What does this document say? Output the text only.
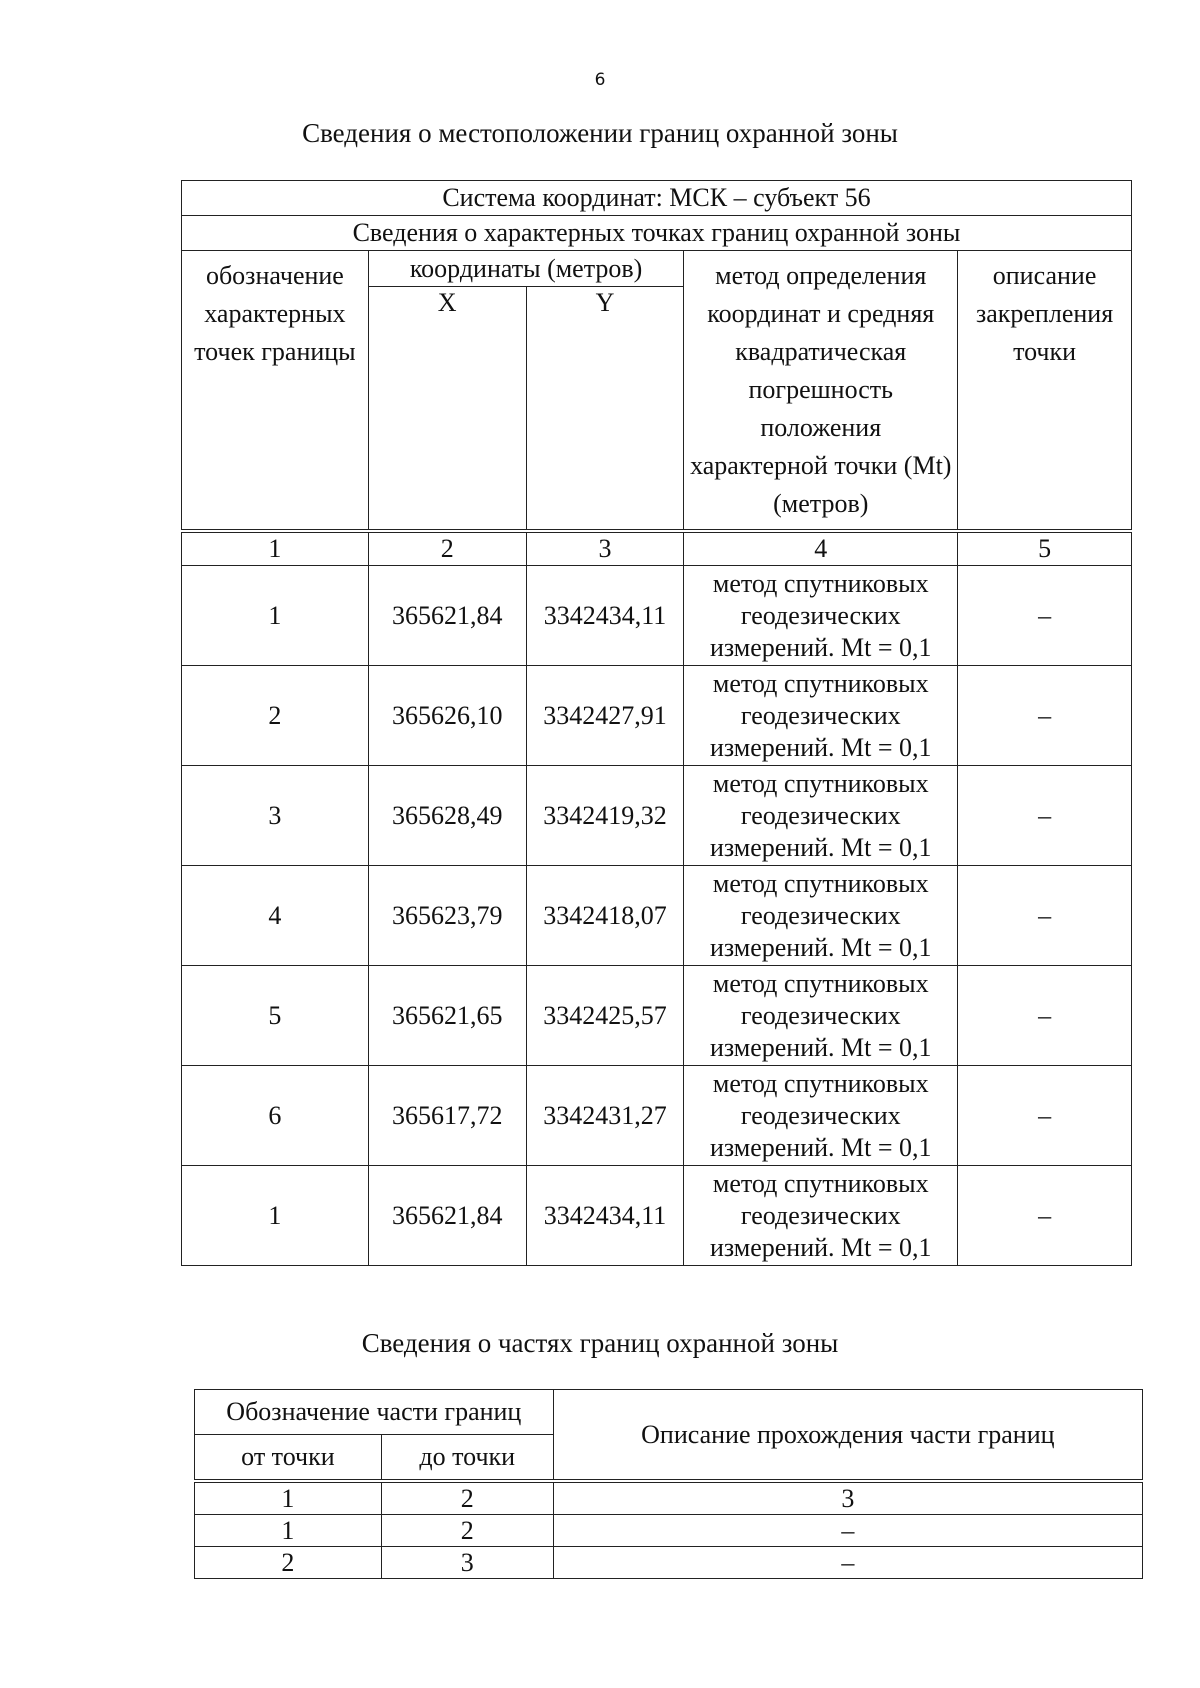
6
Сведения о местоположении границ охранной зоны
Система координат: МСК – субъект 56				
Сведения о характерных точках границ охранной зоны				
обозначение характерных точек границы	координаты (метров)		метод определения координат и средняя квадратическая погрешность положения характерной точки (Mt) (метров)	описание закрепления точки
	X	Y		
1	2	3	4	5
1	365621,84	3342434,11	метод спутниковых
геодезических
измерений. Mt = 0,1	–
2	365626,10	3342427,91	метод спутниковых
геодезических
измерений. Mt = 0,1	–
3	365628,49	3342419,32	метод спутниковых
геодезических
измерений. Mt = 0,1	–
4	365623,79	3342418,07	метод спутниковых
геодезических
измерений. Mt = 0,1	–
5	365621,65	3342425,57	метод спутниковых
геодезических
измерений. Mt = 0,1	–
6	365617,72	3342431,27	метод спутниковых
геодезических
измерений. Mt = 0,1	–
1	365621,84	3342434,11	метод спутниковых
геодезических
измерений. Mt = 0,1	–
Сведения о частях границ охранной зоны
Обозначение части границ		Описание прохождения части границ
от точки	до точки	
1	2	3
1	2	–
2	3	–
